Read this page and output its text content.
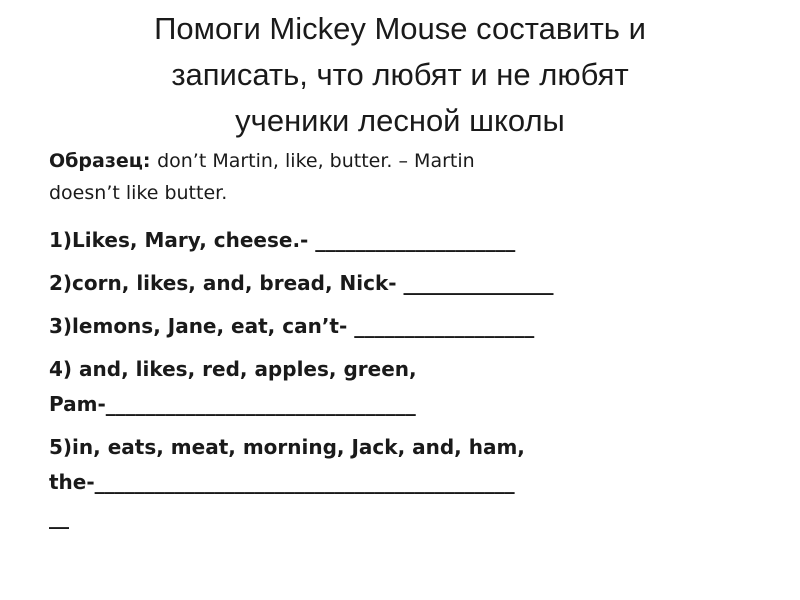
Помоги Mickey Mouse составить и
записать, что любят и не любят
ученики лесной школы
Образец: don’t Martin, like, butter. – Martin
doesn’t like butter.
1)Likes, Mary, cheese.- ____________________
2)corn, likes, and, bread, Nick- _______________
3)lemons, Jane, eat, can’t- __________________
4) and, likes, red, apples, green,
Pam-_______________________________
5)in, eats, meat, morning, Jack, and, ham,
the-__________________________________________
__
